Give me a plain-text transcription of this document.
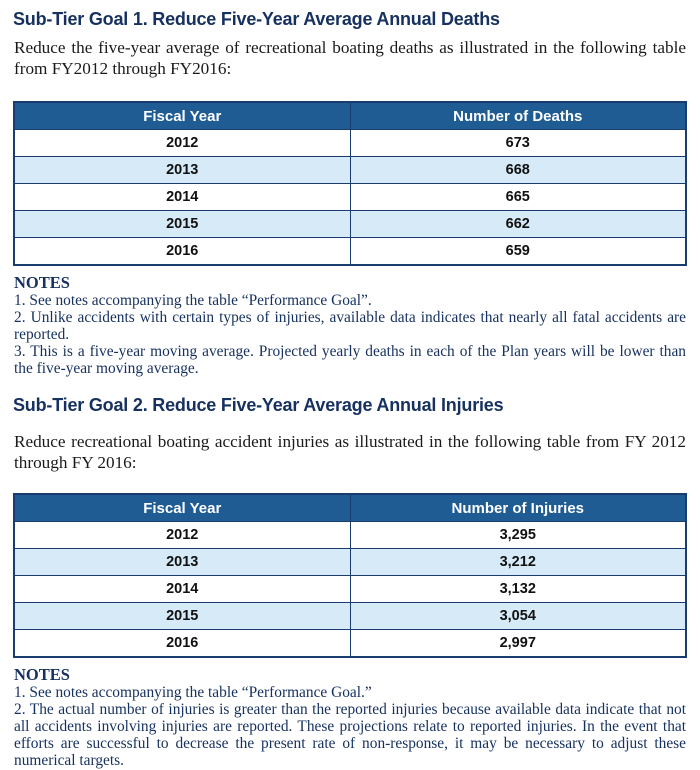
Sub-Tier Goal 1. Reduce Five-Year Average Annual Deaths

Reduce the five-year average of recreational boating deaths as illustrated in the following table from FY2012 through FY2016:

Fiscal Year	Number of Deaths
2012	673
2013	668
2014	665
2015	662
2016	659
NOTES

1. See notes accompanying the table “Performance Goal”.

2. Unlike accidents with certain types of injuries, available data indicates that nearly all fatal accidents are reported.

3. This is a five-year moving average. Projected yearly deaths in each of the Plan years will be lower than the five-year moving average.

Sub-Tier Goal 2. Reduce Five-Year Average Annual Injuries

Reduce recreational boating accident injuries as illustrated in the following table from FY 2012 through FY 2016:

Fiscal Year	Number of Injuries
2012	3,295
2013	3,212
2014	3,132
2015	3,054
2016	2,997
NOTES

1. See notes accompanying the table “Performance Goal.”

2. The actual number of injuries is greater than the reported injuries because available data indicate that not all accidents involving injuries are reported. These projections relate to reported injuries. In the event that efforts are successful to decrease the present rate of non-response, it may be necessary to adjust these numerical targets.
